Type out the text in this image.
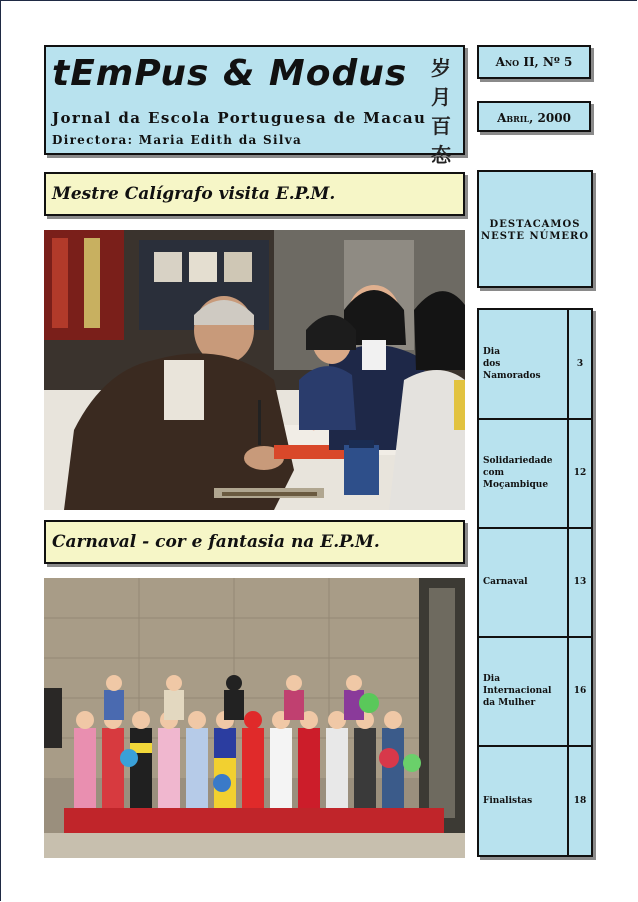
tEmPus & Modus
Jornal da Escola Portuguesa de Macau
Directora: Maria Edith da Silva
岁
月
百
态
Ano II, Nº 5
Abril, 2000
Mestre Calígrafo visita E.P.M.
Carnaval - cor e fantasia na E.P.M.
DESTACAMOS NESTE NÚMERO
Dia
dos
Namorados
3
Solidariedade
com
Moçambique
12
Carnaval	13
Dia
Internacional
da Mulher
16
Finalistas	18
